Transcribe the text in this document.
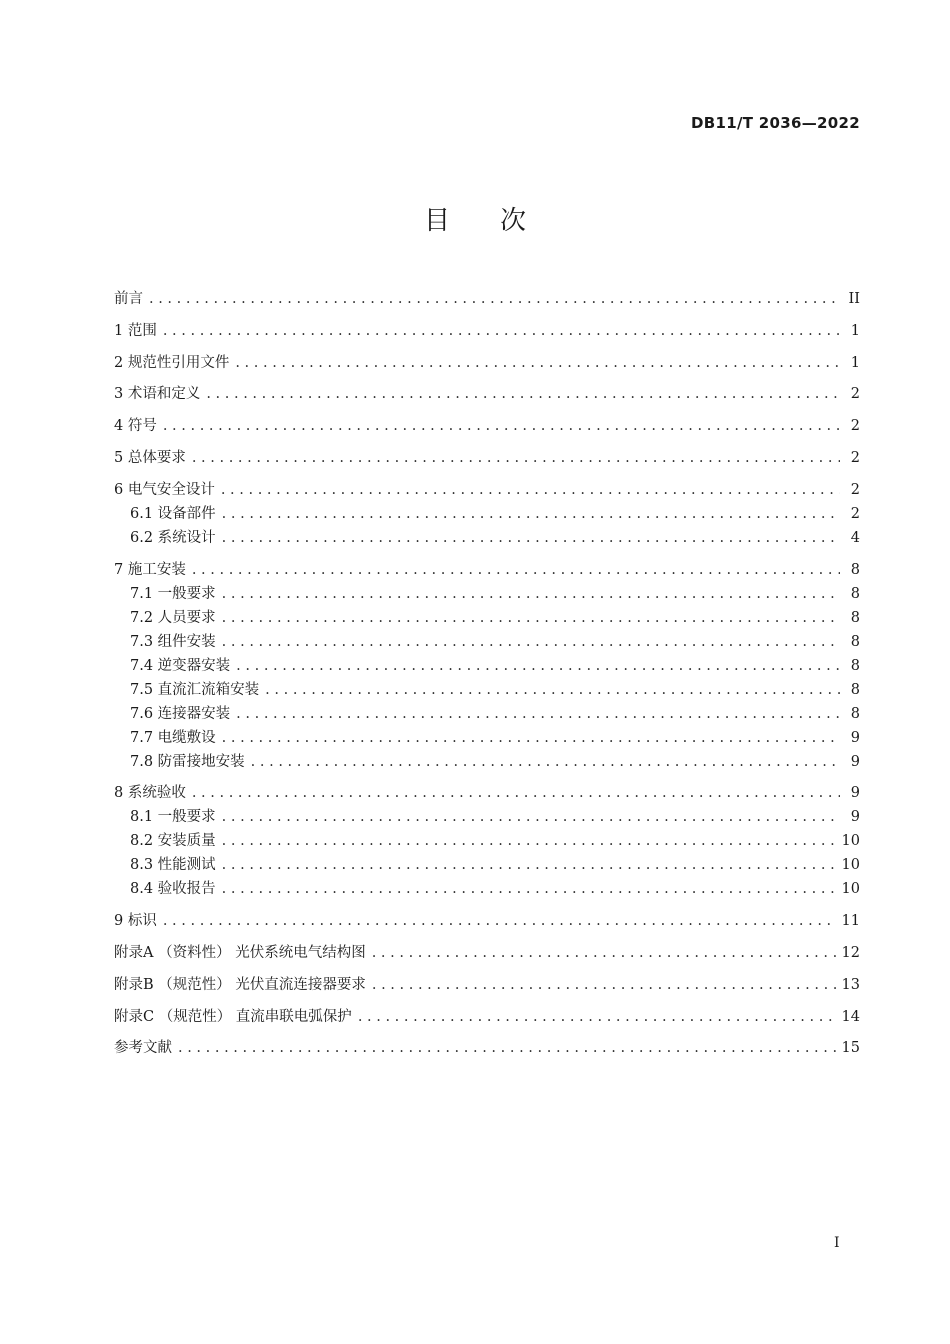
DB11/T 2036—2022
目次
前言 . . .	II
1 范围 . . .	1
2 规范性引用文件 . . .	1
3 术语和定义 . . .	2
4 符号 . . .	2
5 总体要求 . . .	2
6 电气安全设计 . . .	2
6.1 设备部件 . . .	2
6.2 系统设计 . . .	4
7 施工安装 . . .	8
7.1 一般要求 . . .	8
7.2 人员要求 . . .	8
7.3 组件安装 . . .	8
7.4 逆变器安装 . . .	8
7.5 直流汇流箱安装 . . .	8
7.6 连接器安装 . . .	8
7.7 电缆敷设 . . .	9
7.8 防雷接地安装 . . .	9
8 系统验收 . . .	9
8.1 一般要求 . . .	9
8.2 安装质量 . . .	10
8.3 性能测试 . . .	10
8.4 验收报告 . . .	10
9 标识 . . .	11
附录A （资料性） 光伏系统电气结构图 . . .	12
附录B （规范性） 光伏直流连接器要求 . . .	13
附录C （规范性） 直流串联电弧保护 . . .	14
参考文献 . . .	15
I
